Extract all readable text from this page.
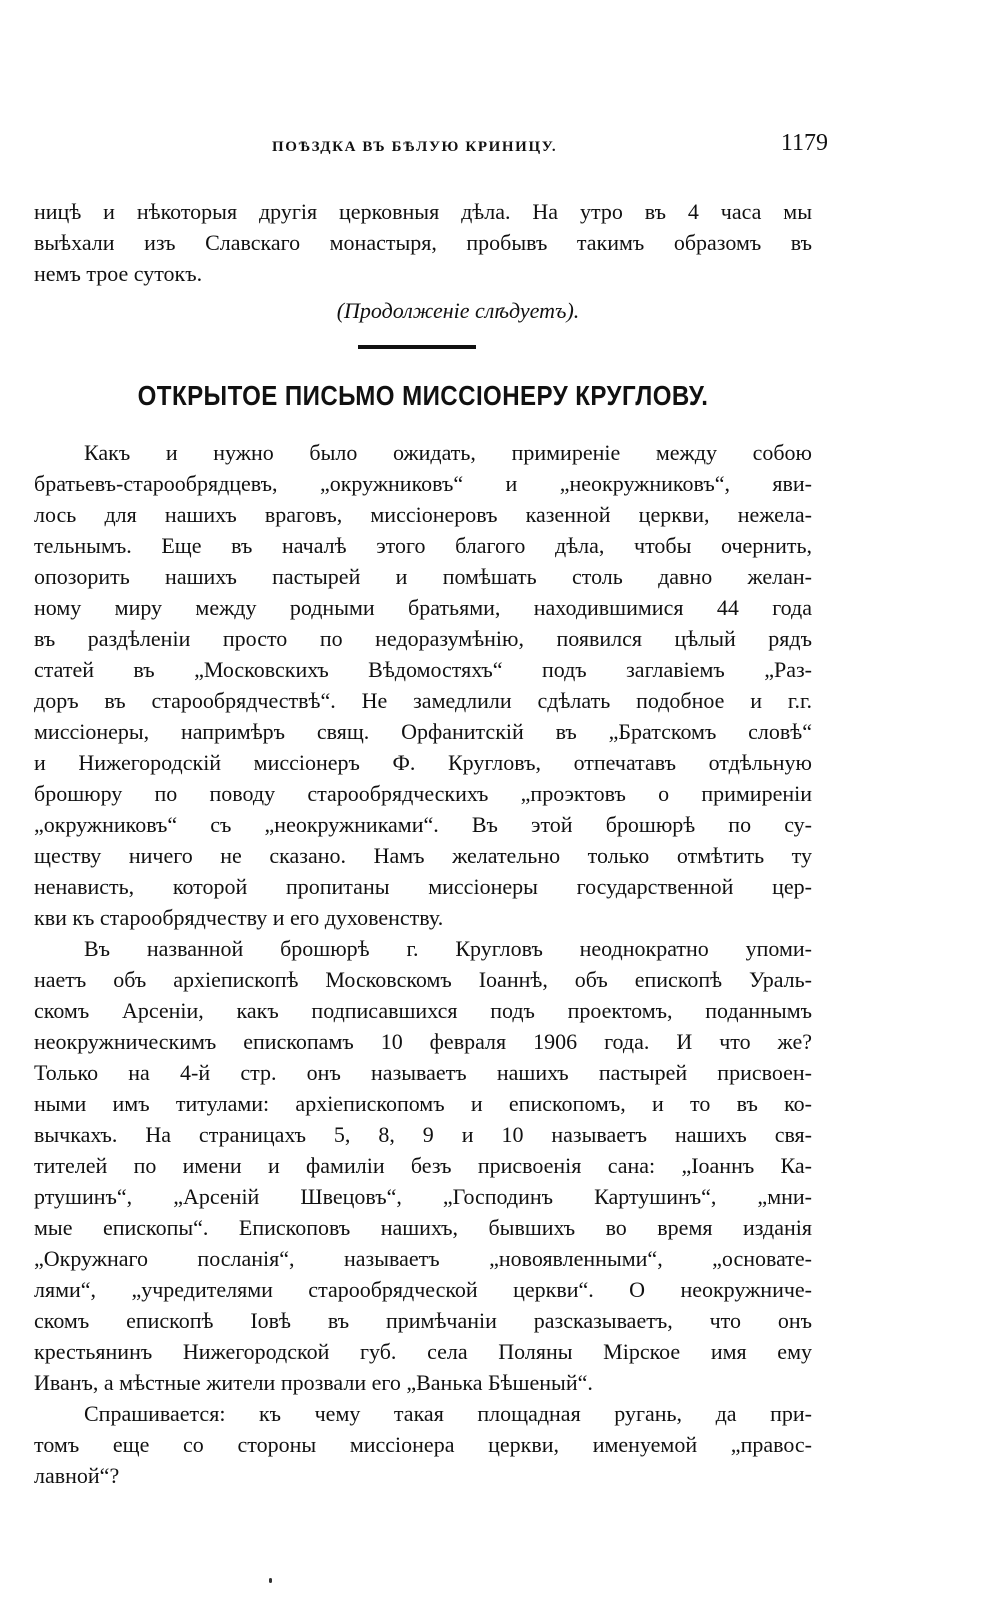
ПОѢЗДКА ВЪ БѢЛУЮ КРИНИЦУ.	1179
ницѣ и нѣкоторыя другія церковныя дѣла. На утро въ 4 часа мы
выѣхали изъ Славскаго монастыря, пробывъ такимъ образомъ въ
немъ трое сутокъ.
(Продолженіе слѣдуетъ).
ОТКРЫТОЕ ПИСЬМО МИССІОНЕРУ КРУГЛОВУ.
Какъ и нужно было ожидать, примиреніе между собою
братьевъ-старообрядцевъ, „окружниковъ“ и „неокружниковъ“, яви-
лось для нашихъ враговъ, миссіонеровъ казенной церкви, нежела-
тельнымъ. Еще въ началѣ этого благого дѣла, чтобы очернить,
опозорить нашихъ пастырей и помѣшать столь давно желан-
ному миру между родными братьями, находившимися 44 года
въ раздѣленіи просто по недоразумѣнію, появился цѣлый рядъ
статей въ „Московскихъ Вѣдомостяхъ“ подъ заглавіемъ „Раз-
доръ въ старообрядчествѣ“. Не замедлили сдѣлать подобное и г.г.
миссіонеры, напримѣръ свящ. Орфанитскій въ „Братскомъ словѣ“
и Нижегородскій миссіонеръ Ф. Кругловъ, отпечатавъ отдѣльную
брошюру по поводу старообрядческихъ „проэктовъ о примиреніи
„окружниковъ“ съ „неокружниками“. Въ этой брошюрѣ по су-
ществу ничего не сказано. Намъ желательно только отмѣтить ту
ненависть, которой пропитаны миссіонеры государственной цер-
кви къ старообрядчеству и его духовенству.
Въ названной брошюрѣ г. Кругловъ неоднократно упоми-
наетъ объ архіепископѣ Московскомъ Іоаннѣ, объ епископѣ Ураль-
скомъ Арсеніи, какъ подписавшихся подъ проектомъ, поданнымъ
неокружническимъ епископамъ 10 февраля 1906 года. И что же?
Только на 4-й стр. онъ называетъ нашихъ пастырей присвоен-
ными имъ титулами: архіепископомъ и епископомъ, и то въ ко-
вычкахъ. На страницахъ 5, 8, 9 и 10 называетъ нашихъ свя-
тителей по имени и фамиліи безъ присвоенія сана: „Іоаннъ Ка-
ртушинъ“, „Арсеній Швецовъ“, „Господинъ Картушинъ“, „мни-
мые епископы“. Епископовъ нашихъ, бывшихъ во время изданія
„Окружнаго посланія“, называетъ „новоявленными“, „основате-
лями“, „учредителями старообрядческой церкви“. О неокружниче-
скомъ епископѣ Іовѣ въ примѣчаніи разсказываетъ, что онъ
крестьянинъ Нижегородской губ. села Поляны Мірское имя ему
Иванъ, а мѣстные жители прозвали его „Ванька Бѣшеный“.
Спрашивается: къ чему такая площадная ругань, да при-
томъ еще со стороны миссіонера церкви, именуемой „правос-
лавной“?
